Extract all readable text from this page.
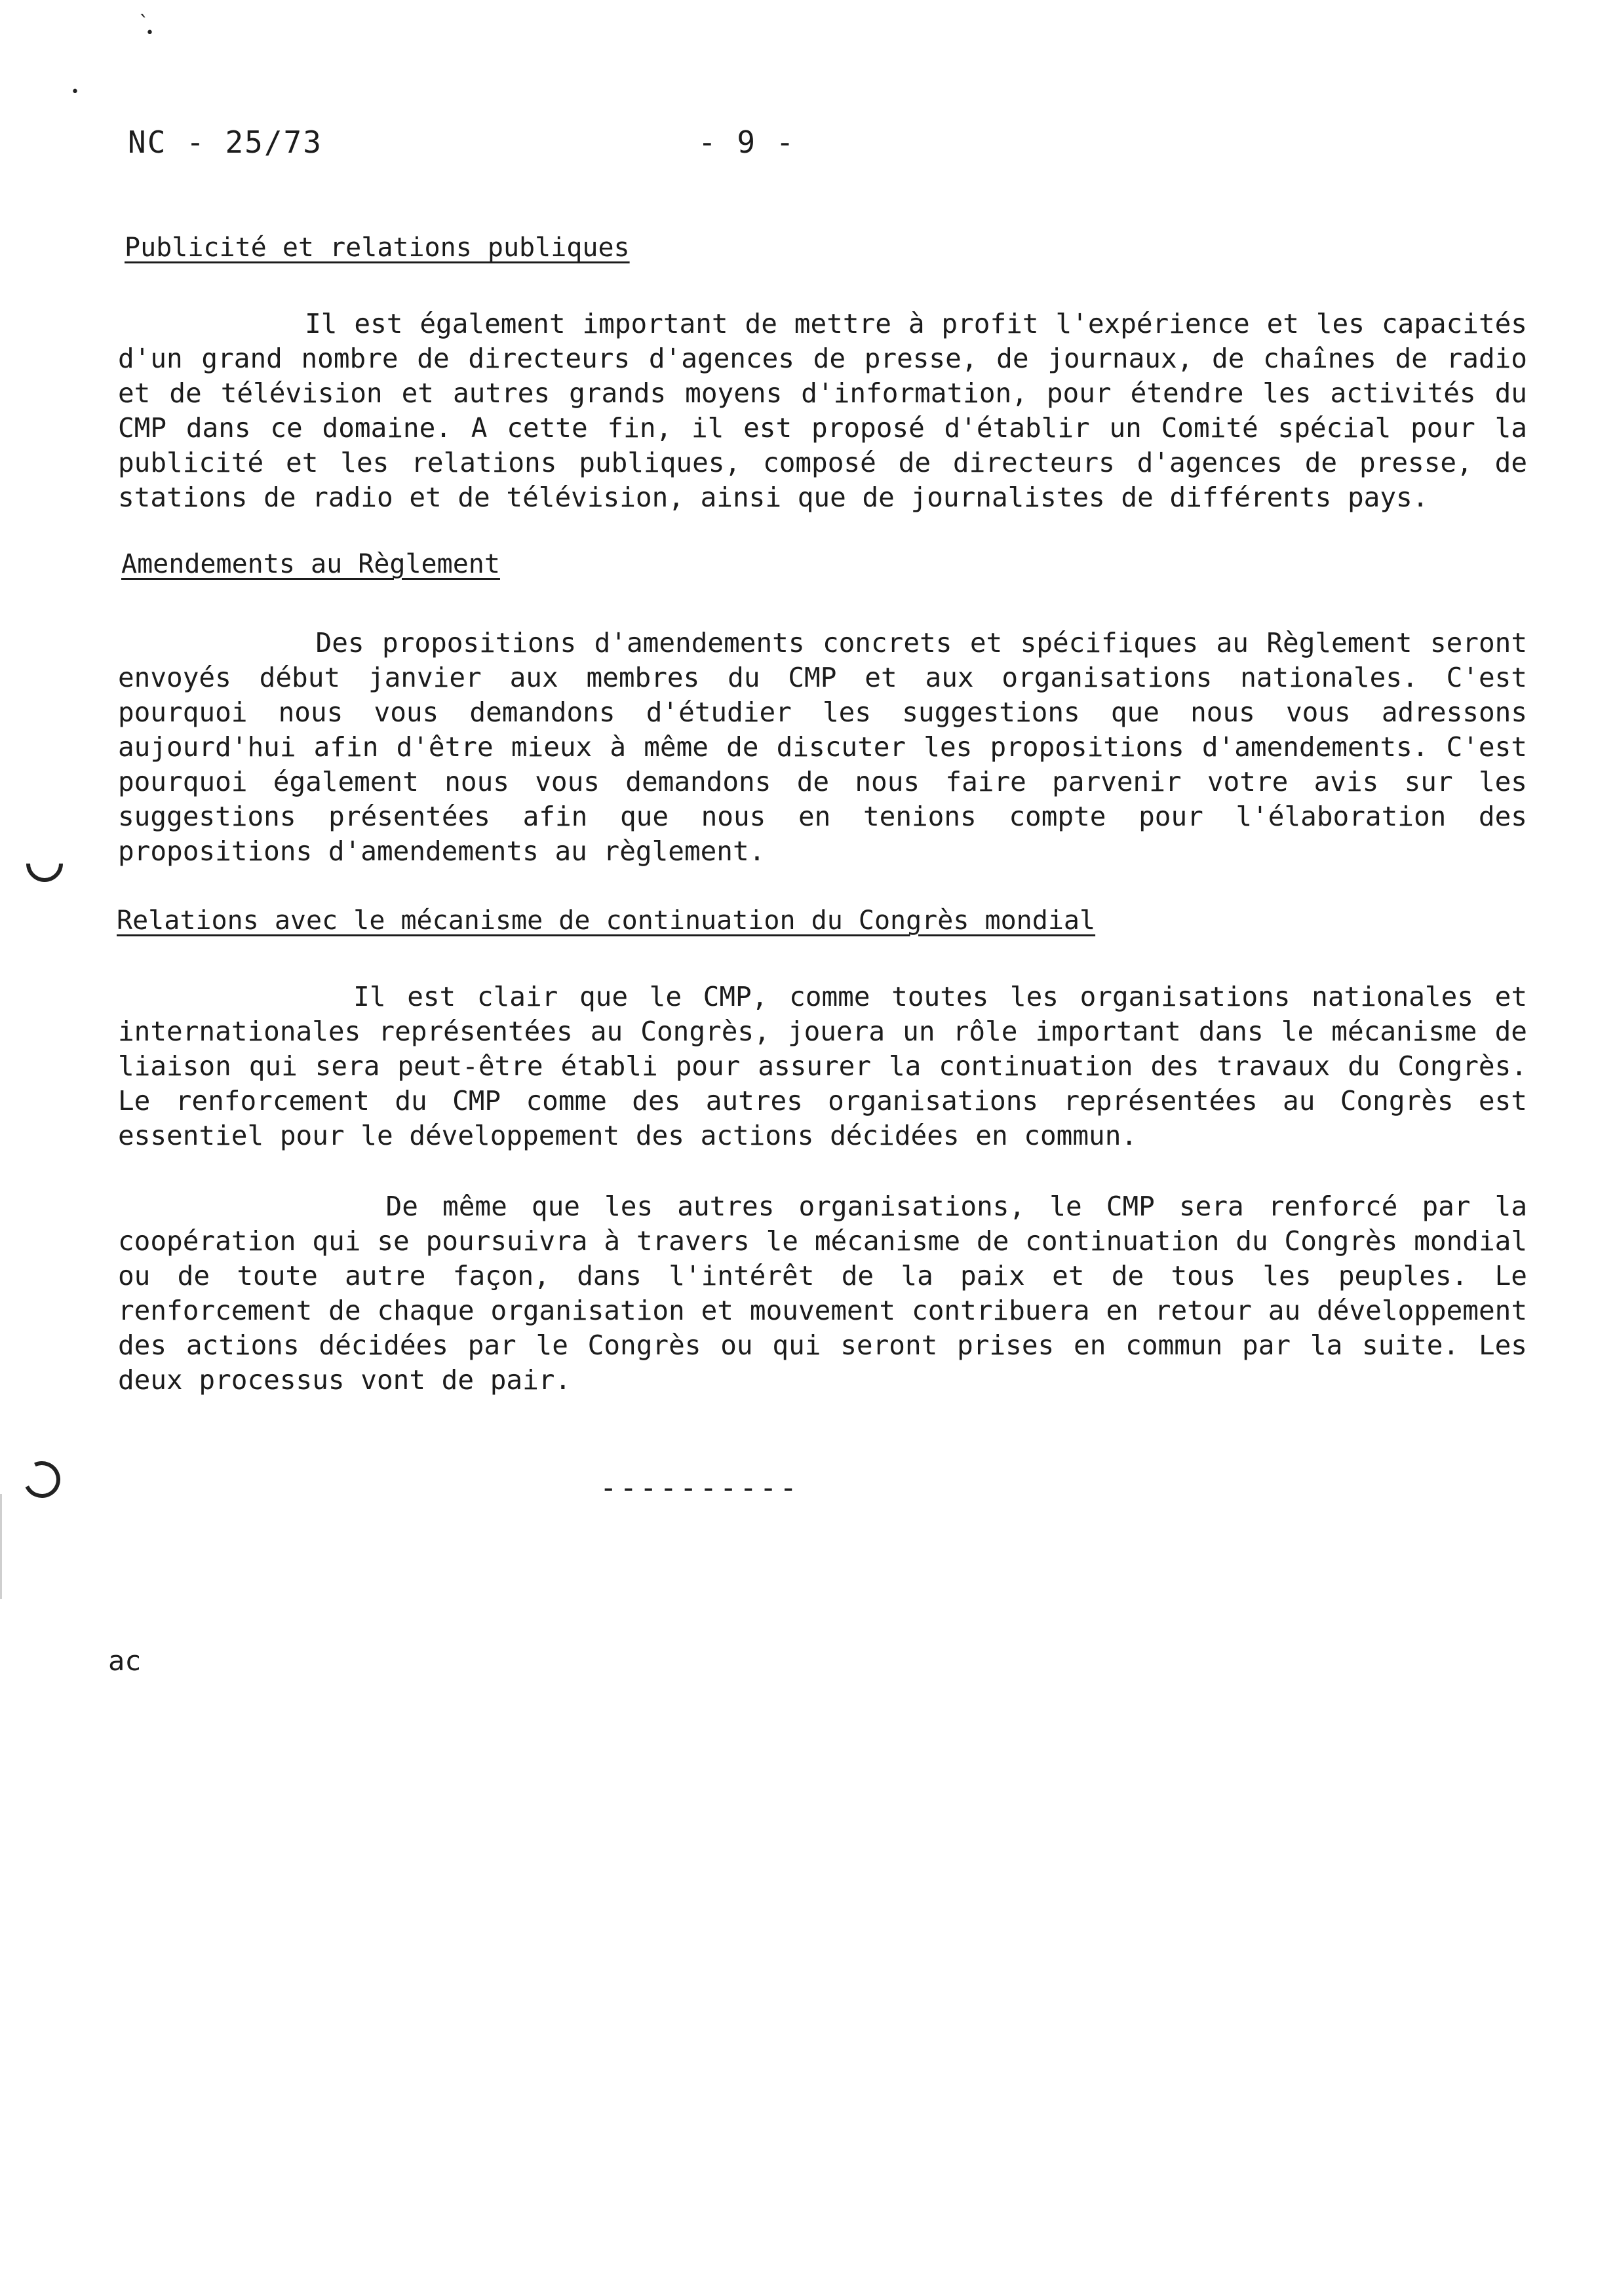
`
•
•
NC - 25/73	- 9 -
Publicité et relations publiques
Il est également important de mettre à profit l'expérience et les capacités d'un grand nombre de directeurs d'agences de presse, de journaux, de chaînes de radio et de télévision et autres grands moyens d'information, pour étendre les activités du CMP dans ce domaine. A cette fin, il est proposé d'établir un Comité spécial pour la publicité et les relations publiques, composé de directeurs d'agences de presse, de stations de radio et de télévision, ainsi que de journalistes de différents pays.
Amendements au Règlement
Des propositions d'amendements concrets et spécifiques au Règlement seront envoyés début janvier aux membres du CMP et aux organisations nationales. C'est pourquoi nous vous demandons d'étudier les suggestions que nous vous adressons aujourd'hui afin d'être mieux à même de discuter les propositions d'amendements. C'est pourquoi également nous vous demandons de nous faire parvenir votre avis sur les suggestions présentées afin que nous en tenions compte pour l'élaboration des propositions d'amendements au règlement.
Relations avec le mécanisme de continuation du Congrès mondial
Il est clair que le CMP, comme toutes les organisations nationales et internationales représentées au Congrès, jouera un rôle important dans le mécanisme de liaison qui sera peut-être établi pour assurer la continuation des travaux du Congrès. Le renforcement du CMP comme des autres organisations représentées au Congrès est essentiel pour le développement des actions décidées en commun.
De même que les autres organisations, le CMP sera renforcé par la coopération qui se poursuivra à travers le mécanisme de continuation du Congrès mondial ou de toute autre façon, dans l'intérêt de la paix et de tous les peuples. Le renforcement de chaque organisation et mouvement contribuera en retour au développement des actions décidées par le Congrès ou qui seront prises en commun par la suite. Les deux processus vont de pair.
----------
ac
